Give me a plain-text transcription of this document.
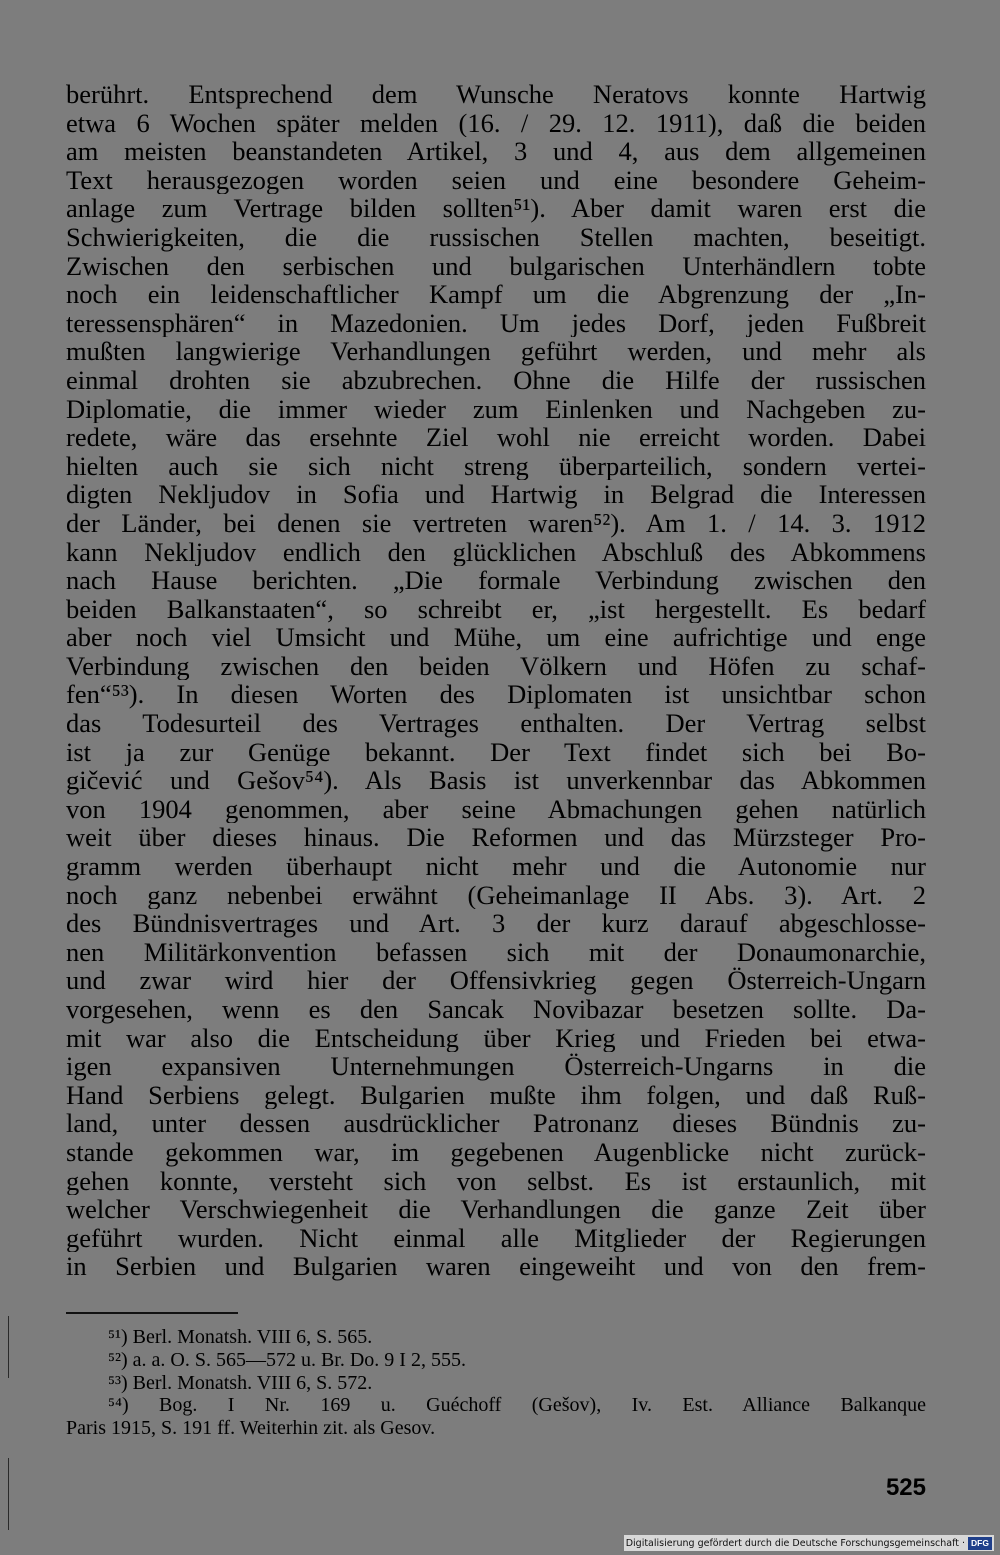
berührt. Entsprechend dem Wunsche Neratovs konnte Hartwig
etwa 6 Wochen später melden (16. / 29. 12. 1911), daß die beiden
am meisten beanstandeten Artikel, 3 und 4, aus dem allgemeinen
Text herausgezogen worden seien und eine besondere Geheim-
anlage zum Vertrage bilden sollten⁵¹). Aber damit waren erst die
Schwierigkeiten, die die russischen Stellen machten, beseitigt.
Zwischen den serbischen und bulgarischen Unterhändlern tobte
noch ein leidenschaftlicher Kampf um die Abgrenzung der „In-
teressensphären“ in Mazedonien. Um jedes Dorf, jeden Fußbreit
mußten langwierige Verhandlungen geführt werden, und mehr als
einmal drohten sie abzubrechen. Ohne die Hilfe der russischen
Diplomatie, die immer wieder zum Einlenken und Nachgeben zu-
redete, wäre das ersehnte Ziel wohl nie erreicht worden. Dabei
hielten auch sie sich nicht streng überparteilich, sondern vertei-
digten Nekljudov in Sofia und Hartwig in Belgrad die Interessen
der Länder, bei denen sie vertreten waren⁵²). Am 1. / 14. 3. 1912
kann Nekljudov endlich den glücklichen Abschluß des Abkommens
nach Hause berichten. „Die formale Verbindung zwischen den
beiden Balkanstaaten“, so schreibt er, „ist hergestellt. Es bedarf
aber noch viel Umsicht und Mühe, um eine aufrichtige und enge
Verbindung zwischen den beiden Völkern und Höfen zu schaf-
fen“⁵³). In diesen Worten des Diplomaten ist unsichtbar schon
das Todesurteil des Vertrages enthalten. Der Vertrag selbst
ist ja zur Genüge bekannt. Der Text findet sich bei Bo-
gičević und Gešov⁵⁴). Als Basis ist unverkennbar das Abkommen
von 1904 genommen, aber seine Abmachungen gehen natürlich
weit über dieses hinaus. Die Reformen und das Mürzsteger Pro-
gramm werden überhaupt nicht mehr und die Autonomie nur
noch ganz nebenbei erwähnt (Geheimanlage II Abs. 3). Art. 2
des Bündnisvertrages und Art. 3 der kurz darauf abgeschlosse-
nen Militärkonvention befassen sich mit der Donaumonarchie,
und zwar wird hier der Offensivkrieg gegen Österreich-Ungarn
vorgesehen, wenn es den Sancak Novibazar besetzen sollte. Da-
mit war also die Entscheidung über Krieg und Frieden bei etwa-
igen expansiven Unternehmungen Österreich-Ungarns in die
Hand Serbiens gelegt. Bulgarien mußte ihm folgen, und daß Ruß-
land, unter dessen ausdrücklicher Patronanz dieses Bündnis zu-
stande gekommen war, im gegebenen Augenblicke nicht zurück-
gehen konnte, versteht sich von selbst. Es ist erstaunlich, mit
welcher Verschwiegenheit die Verhandlungen die ganze Zeit über
geführt wurden. Nicht einmal alle Mitglieder der Regierungen
in Serbien und Bulgarien waren eingeweiht und von den frem-
⁵¹) Berl. Monatsh. VIII 6, S. 565.
⁵²) a. a. O. S. 565—572 u. Br. Do. 9 I 2, 555.
⁵³) Berl. Monatsh. VIII 6, S. 572.
⁵⁴) Bog. I Nr. 169 u. Guéchoff (Gešov), Iv. Est. Alliance Balkanque
Paris 1915, S. 191 ff. Weiterhin zit. als Gesov.
525
Digitalisierung gefördert durch die Deutsche Forschungsgemeinschaft · DFG
